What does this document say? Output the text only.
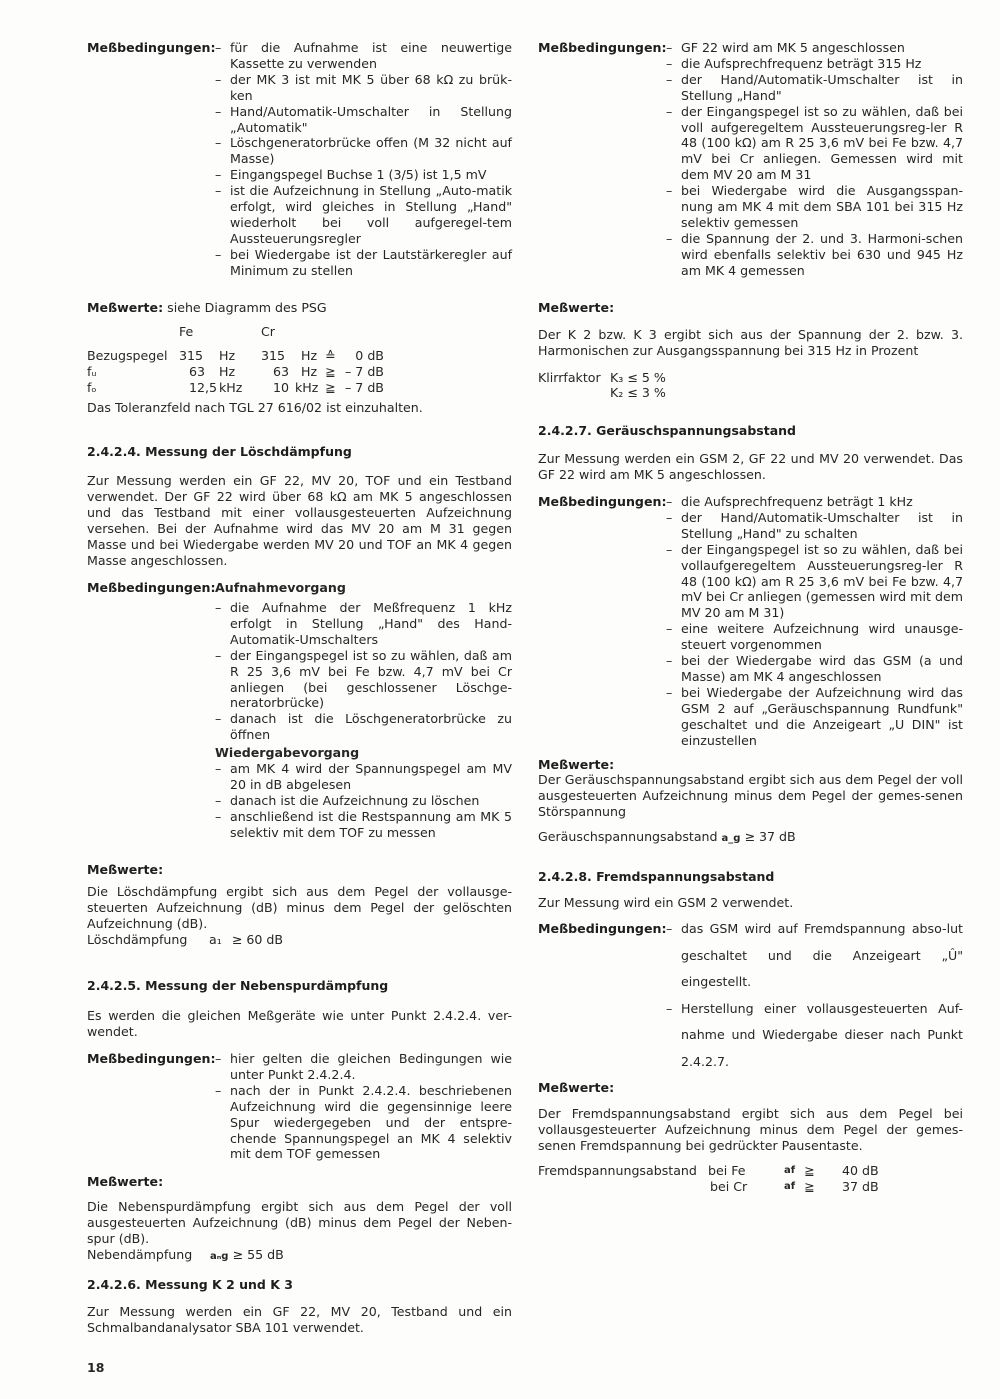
Meßbedingungen:	– für die Aufnahme ist eine neuwertige Kassette zu verwenden
– der MK 3 ist mit MK 5 über 68 kΩ zu brük-ken
– Hand/Automatik-Umschalter in Stellung „Automatik"
– Löschgeneratorbrücke offen (M 32 nicht auf Masse)
– Eingangspegel Buchse 1 (3/5) ist 1,5 mV
– ist die Aufzeichnung in Stellung „Auto-matik erfolgt, wird gleiches in Stellung „Hand" wiederholt bei voll aufgeregel-tem Aussteuerungsregler
– bei Wiedergabe ist der Lautstärkeregler auf Minimum zu stellen

Meßwerte: siehe Diagramm des PSG

	Fe		Cr			

Bezugspegel	315	Hz	315	Hz	≙	0 dB
fᵤ	63	Hz	63	Hz	≧	– 7 dB
fₒ	12,5	kHz	10	kHz	≧	– 7 dB

Das Toleranzfeld nach TGL 27 616/02 ist einzuhalten.

2.4.2.4. Messung der Löschdämpfung

Zur Messung werden ein GF 22, MV 20, TOF und ein Testband verwendet. Der GF 22 wird über 68 kΩ am MK 5 angeschlossen und das Testband mit einer vollausgesteuerten Aufzeichnung versehen. Bei der Aufnahme wird das MV 20 am M 31 gegen Masse und bei Wiedergabe werden MV 20 und TOF an MK 4 gegen Masse angeschlossen.

Meßbedingungen: Aufnahmevorgang
– die Aufnahme der Meßfrequenz 1 kHz erfolgt in Stellung „Hand" des Hand-Automatik-Umschalters
– der Eingangspegel ist so zu wählen, daß am R 25 3,6 mV bei Fe bzw. 4,7 mV bei Cr anliegen (bei geschlossener Löschge-neratorbrücke)
– danach ist die Löschgeneratorbrücke zu öffnen
Wiedergabevorgang
– am MK 4 wird der Spannungspegel am MV 20 in dB abgelesen
– danach ist die Aufzeichnung zu löschen
– anschließend ist die Restspannung am MK 5 selektiv mit dem TOF zu messen
Meßwerte:

Die Löschdämpfung ergibt sich aus dem Pegel der vollausge-steuerten Aufzeichnung (dB) minus dem Pegel der gelöschten Aufzeichnung (dB).

Löschdämpfung a₁ ≥ 60 dB
2.4.2.5. Messung der Nebenspurdämpfung

Es werden die gleichen Meßgeräte wie unter Punkt 2.4.2.4. ver-wendet.

Meßbedingungen:	– hier gelten die gleichen Bedingungen wie unter Punkt 2.4.2.4.
– nach der in Punkt 2.4.2.4. beschriebenen Aufzeichnung wird die gegensinnige leere Spur wiedergegeben und der entspre-chende Spannungspegel an MK 4 selektiv mit dem TOF gemessen
Meßwerte:

Die Nebenspurdämpfung ergibt sich aus dem Pegel der voll ausgesteuerten Aufzeichnung (dB) minus dem Pegel der Neben-spur (dB).

Nebendämpfung aₙg ≥ 55 dB
2.4.2.6. Messung K 2 und K 3

Zur Messung werden ein GF 22, MV 20, Testband und ein Schmalbandanalysator SBA 101 verwendet.

Meßbedingungen:	– GF 22 wird am MK 5 angeschlossen
– die Aufsprechfrequenz beträgt 315 Hz
– der Hand/Automatik-Umschalter ist in Stellung „Hand"
– der Eingangspegel ist so zu wählen, daß bei voll aufgeregeltem Aussteuerungsreg-ler R 48 (100 kΩ) am R 25 3,6 mV bei Fe bzw. 4,7 mV bei Cr anliegen. Gemessen wird mit dem MV 20 am M 31
– bei Wiedergabe wird die Ausgangsspan-nung am MK 4 mit dem SBA 101 bei 315 Hz selektiv gemessen
– die Spannung der 2. und 3. Harmoni-schen wird ebenfalls selektiv bei 630 und 945 Hz am MK 4 gemessen
Meßwerte:

Der K 2 bzw. K 3 ergibt sich aus der Spannung der 2. bzw. 3. Harmonischen zur Ausgangsspannung bei 315 Hz in Prozent

Klirrfaktor K₃ ≤ 5 %
K₂ ≤ 3 %
2.4.2.7. Geräuschspannungsabstand

Zur Messung werden ein GSM 2, GF 22 und MV 20 verwendet. Das GF 22 wird am MK 5 angeschlossen.

Meßbedingungen:	– die Aufsprechfrequenz beträgt 1 kHz
– der Hand/Automatik-Umschalter ist in Stellung „Hand" zu schalten
– der Eingangspegel ist so zu wählen, daß bei vollaufgeregeltem Aussteuerungsreg-ler R 48 (100 kΩ) am R 25 3,6 mV bei Fe bzw. 4,7 mV bei Cr anliegen (gemessen wird mit dem MV 20 am M 31)
– eine weitere Aufzeichnung wird unausge-steuert vorgenommen
– bei der Wiedergabe wird das GSM (a und Masse) am MK 4 angeschlossen
– bei Wiedergabe der Aufzeichnung wird das GSM 2 auf „Geräuschspannung Rundfunk" geschaltet und die Anzeigeart „U DIN" ist einzustellen
Meßwerte:

Der Geräuschspannungsabstand ergibt sich aus dem Pegel der voll ausgesteuerten Aufzeichnung minus dem Pegel der gemes-senen Störspannung

Geräuschspannungsabstand a_g ≥ 37 dB
2.4.2.8. Fremdspannungsabstand

Zur Messung wird ein GSM 2 verwendet.

Meßbedingungen:	– das GSM wird auf Fremdspannung abso-lut geschaltet und die Anzeigeart „Û" eingestellt.
– Herstellung einer vollausgesteuerten Auf-nahme und Wiedergabe dieser nach Punkt 2.4.2.7.
Meßwerte:

Der Fremdspannungsabstand ergibt sich aus dem Pegel bei vollausgesteuerter Aufzeichnung minus dem Pegel der gemes-senen Fremdspannung bei gedrückter Pausentaste.

Fremdspannungsabstand	bei Fe	af	≧	40 dB
	bei Cr	af	≧	37 dB
18
